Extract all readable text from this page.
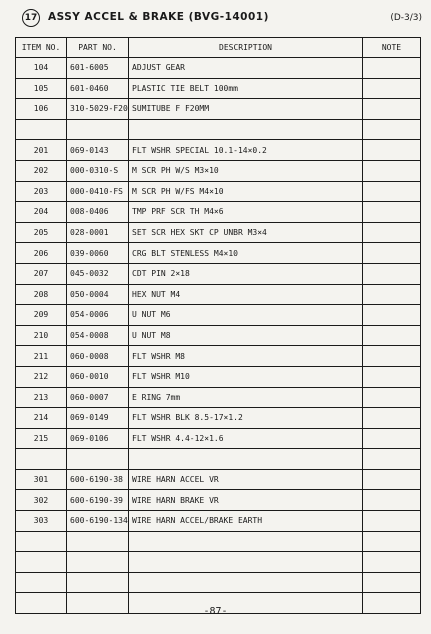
17 ASSY ACCEL & BRAKE (BVG-14001)	(D-3/3)
ITEM NO.	PART NO.	DESCRIPTION	NOTE
104	601-6005	ADJUST GEAR	
105	601-0460	PLASTIC TIE BELT 100mm	
106	310-5029-F20	SUMITUBE F F20MM	

201	069-0143	FLT WSHR SPECIAL 10.1-14×0.2	
202	000-0310-S	M SCR PH W/S M3×10	
203	000-0410-FS	M SCR PH W/FS M4×10	
204	008-0406	TMP PRF SCR TH M4×6	
205	028-0001	SET SCR HEX SKT CP UNBR M3×4	
206	039-0060	CRG BLT STENLESS M4×10	
207	045-0032	CDT PIN 2×18	
208	050-0004	HEX NUT M4	
209	054-0006	U NUT M6	
210	054-0008	U NUT M8	
211	060-0008	FLT WSHR M8	
212	060-0010	FLT WSHR M10	
213	060-0007	E RING 7mm	
214	069-0149	FLT WSHR BLK 8.5-17×1.2	
215	069-0106	FLT WSHR 4.4-12×1.6	

301	600-6190-38	WIRE HARN ACCEL VR	
302	600-6190-39	WIRE HARN BRAKE VR	
303	600-6190-134	WIRE HARN ACCEL/BRAKE EARTH	

-87-
